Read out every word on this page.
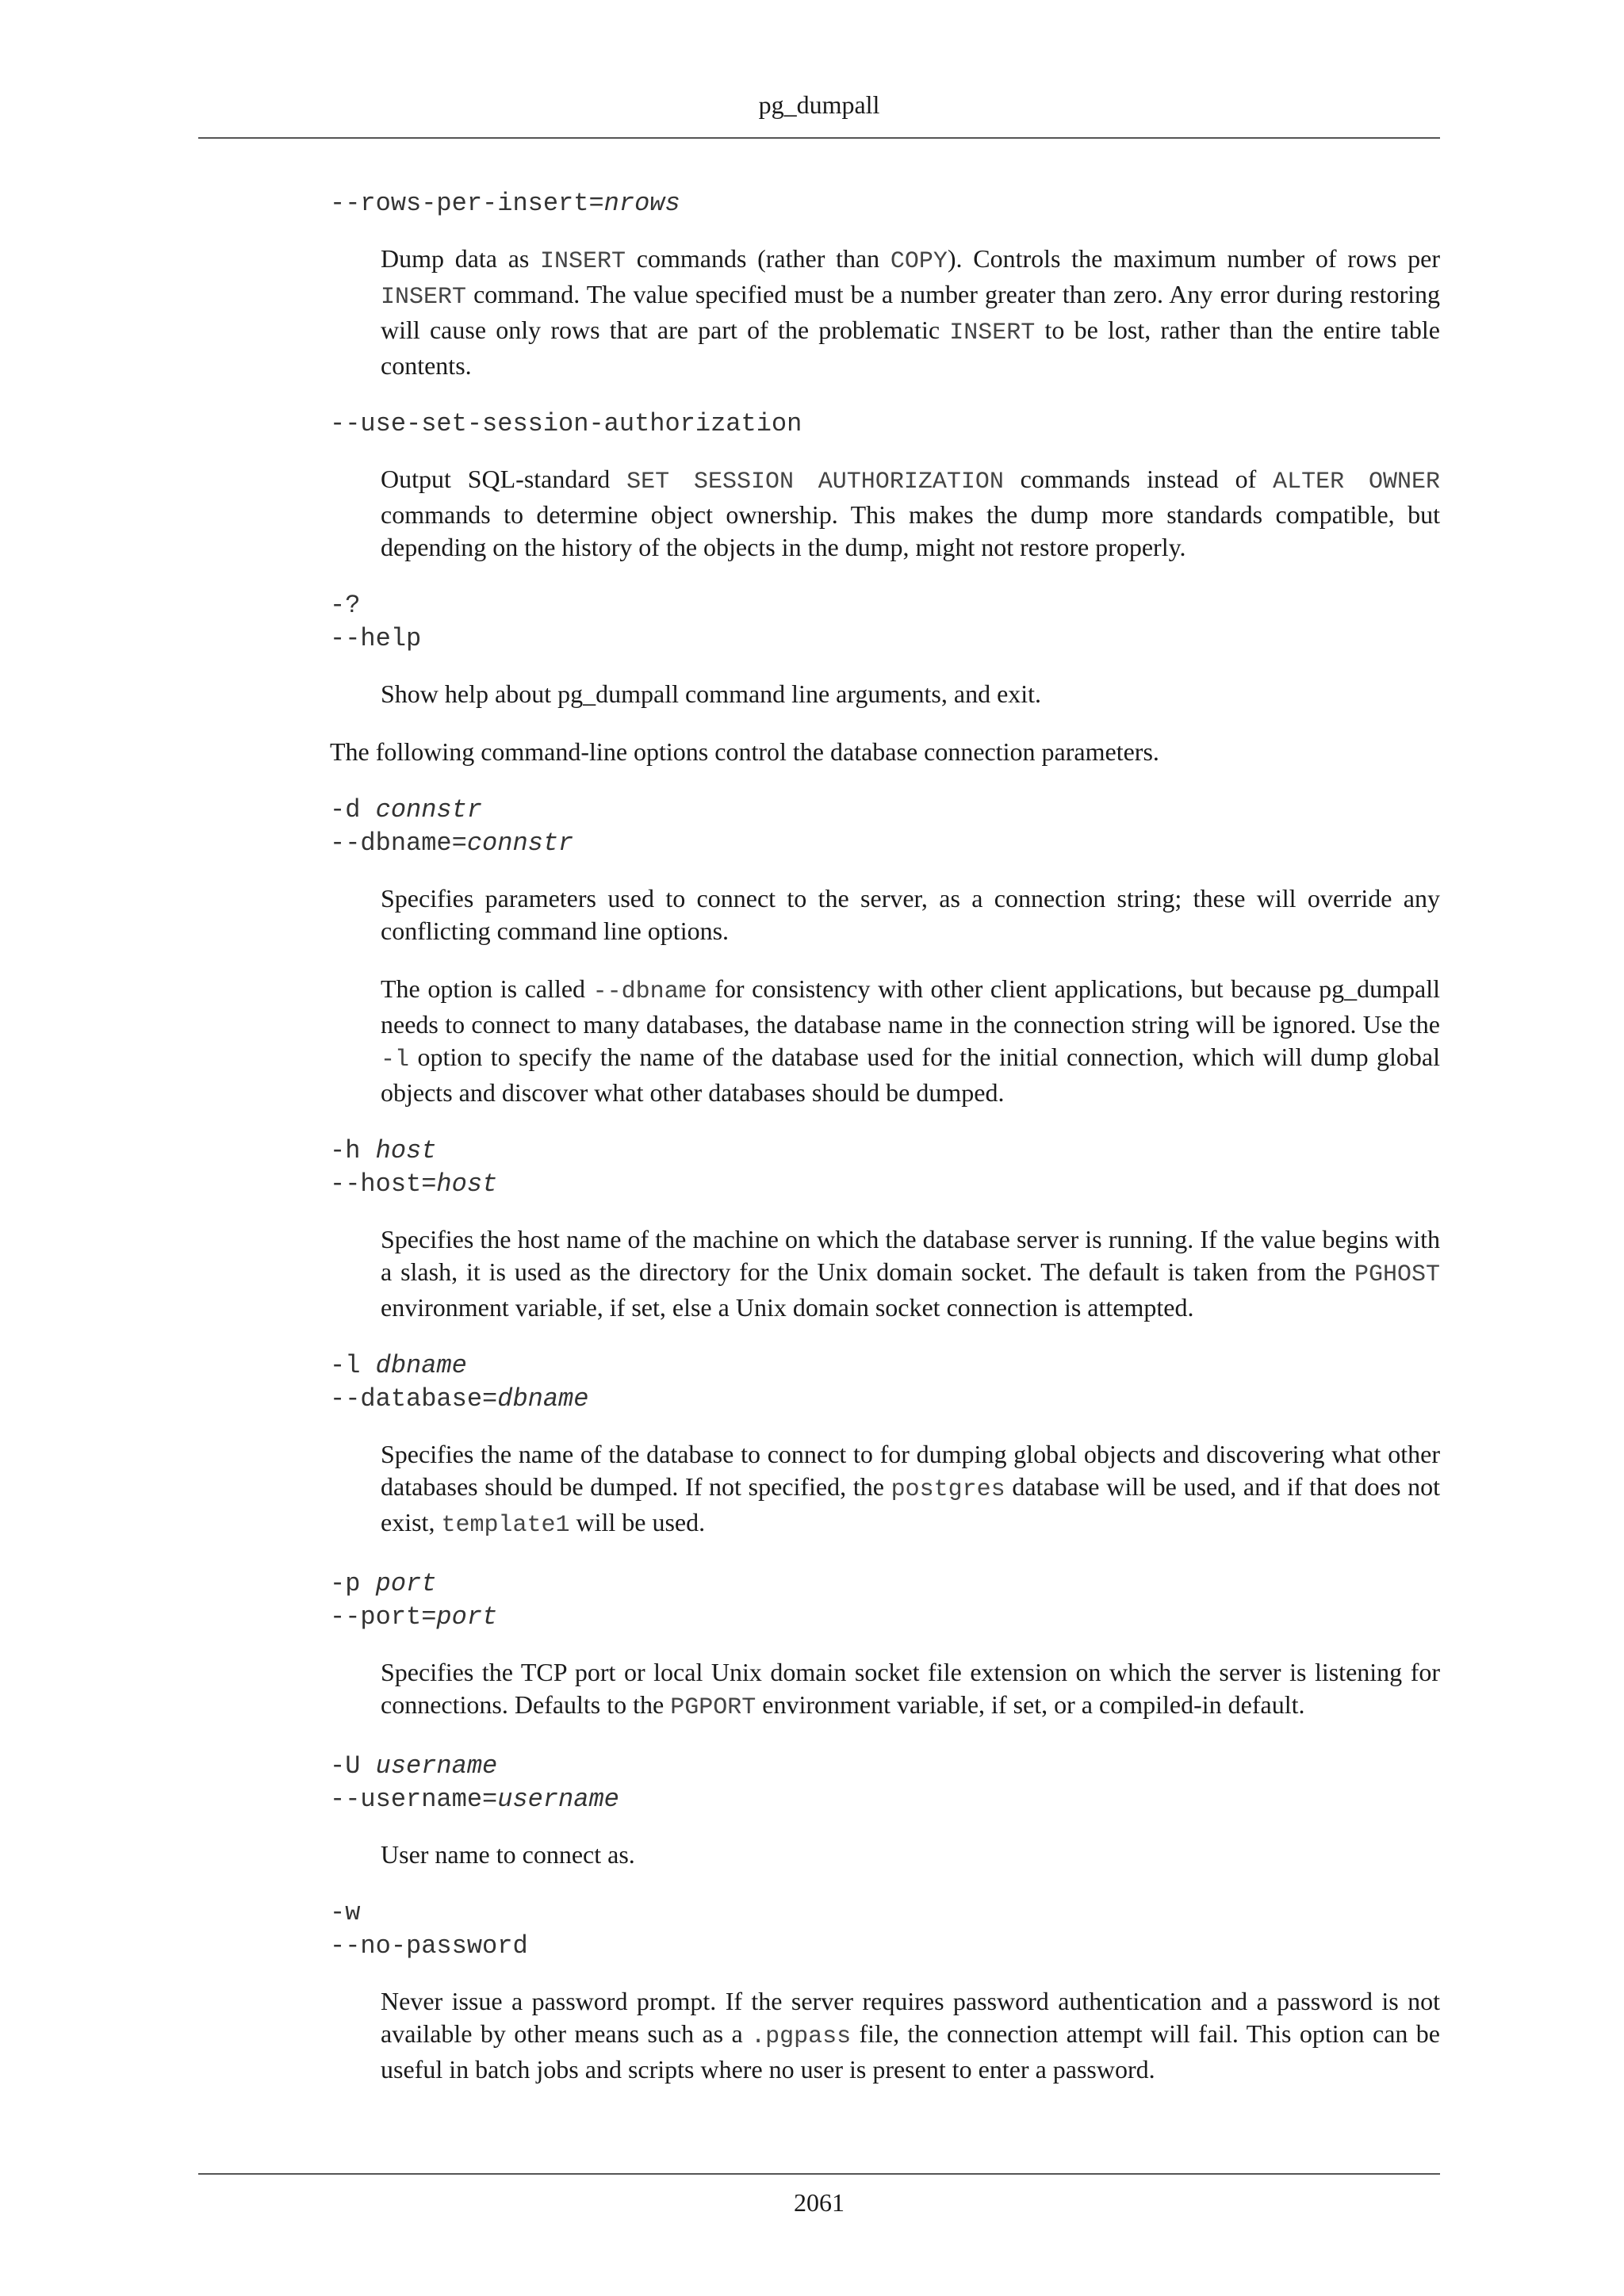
pg_dumpall

--rows-per-insert=nrows

Dump data as INSERT commands (rather than COPY). Controls the maximum number of rows per INSERT command. The value specified must be a number greater than zero. Any error during restoring will cause only rows that are part of the problematic INSERT to be lost, rather than the entire table contents.

--use-set-session-authorization

Output SQL-standard SET SESSION AUTHORIZATION commands instead of ALTER OWNER commands to determine object ownership. This makes the dump more standards compatible, but depending on the history of the objects in the dump, might not restore properly.

-?

--help

Show help about pg_dumpall command line arguments, and exit.

The following command-line options control the database connection parameters.

-d connstr

--dbname=connstr

Specifies parameters used to connect to the server, as a connection string; these will override any conflicting command line options.

The option is called --dbname for consistency with other client applications, but because pg_dumpall needs to connect to many databases, the database name in the connection string will be ignored. Use the -l option to specify the name of the database used for the initial connection, which will dump global objects and discover what other databases should be dumped.

-h host

--host=host

Specifies the host name of the machine on which the database server is running. If the value begins with a slash, it is used as the directory for the Unix domain socket. The default is taken from the PGHOST environment variable, if set, else a Unix domain socket connection is attempted.

-l dbname

--database=dbname

Specifies the name of the database to connect to for dumping global objects and discovering what other databases should be dumped. If not specified, the postgres database will be used, and if that does not exist, template1 will be used.

-p port

--port=port

Specifies the TCP port or local Unix domain socket file extension on which the server is listening for connections. Defaults to the PGPORT environment variable, if set, or a compiled-in default.

-U username

--username=username

User name to connect as.

-w

--no-password

Never issue a password prompt. If the server requires password authentication and a password is not available by other means such as a .pgpass file, the connection attempt will fail. This option can be useful in batch jobs and scripts where no user is present to enter a password.

2061
